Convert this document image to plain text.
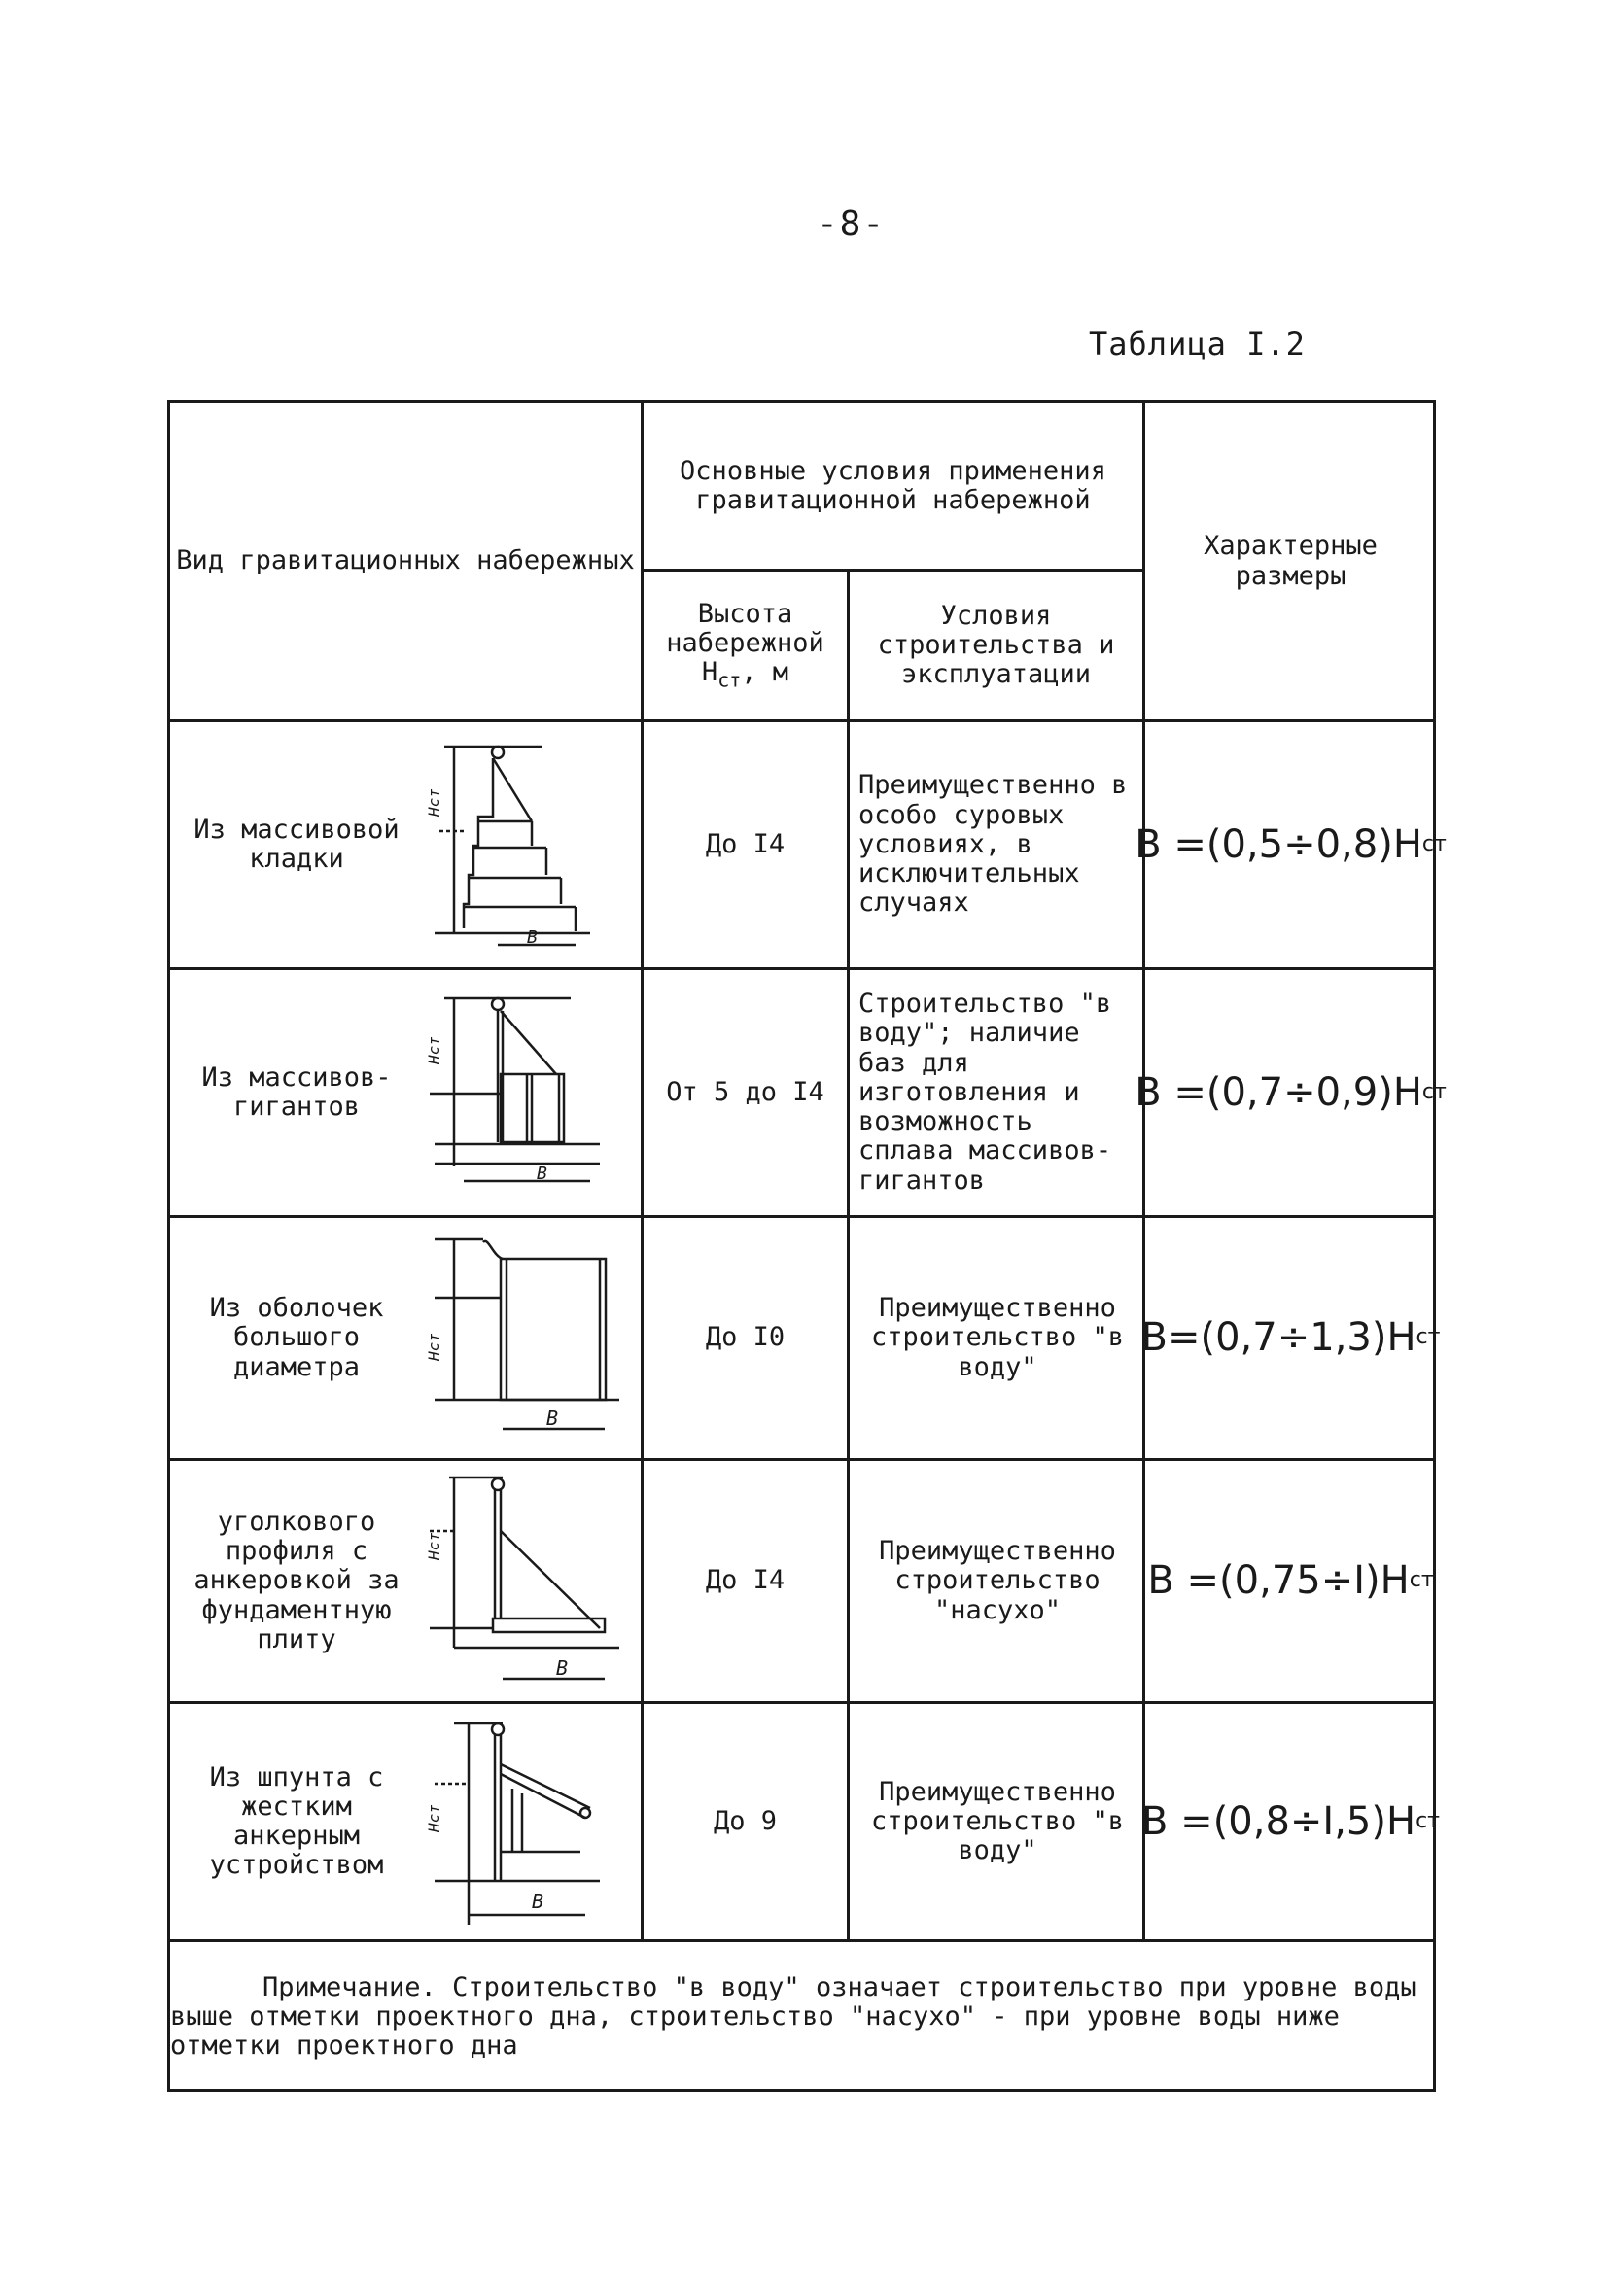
-8-
Таблица I.2
Вид гравитационных набережных
Основные условия применения гравитационной набережной
Высота набережной
$Н_{ст}$, м
Условия строительства и эксплуатации
Характерные размеры
Из массивовой кладки
Hст
B
До I4
Преимущественно в особо суровых условиях, в исключительных случаях
B =(0,5÷0,8)H ст
Из массивов-гигантов
Hст
B
От 5 до I4
Строительство "в воду"; наличие баз для изготовления и возможность сплава массивов- гигантов
B =(0,7÷0,9)H ст
Из оболочек большого диаметра
Hст
B
До I0
Преимущественно строительство "в воду"
B=(0,7÷1,3)H ст
уголкового профиля с анкеровкой за фундаментную плиту
Hст
B
До I4
Преимущественно строительство "насухо"
B =(0,75÷I)H ст
Из шпунта с жестким анкерным устройством
Hст
B
До 9
Преимущественно строительство "в воду"
B =(0,8÷I,5)H ст
Примечание. Строительство "в воду" означает строительство при уровне воды выше отметки проектного дна, строительство "насухо" - при уровне воды ниже отметки проектного дна
